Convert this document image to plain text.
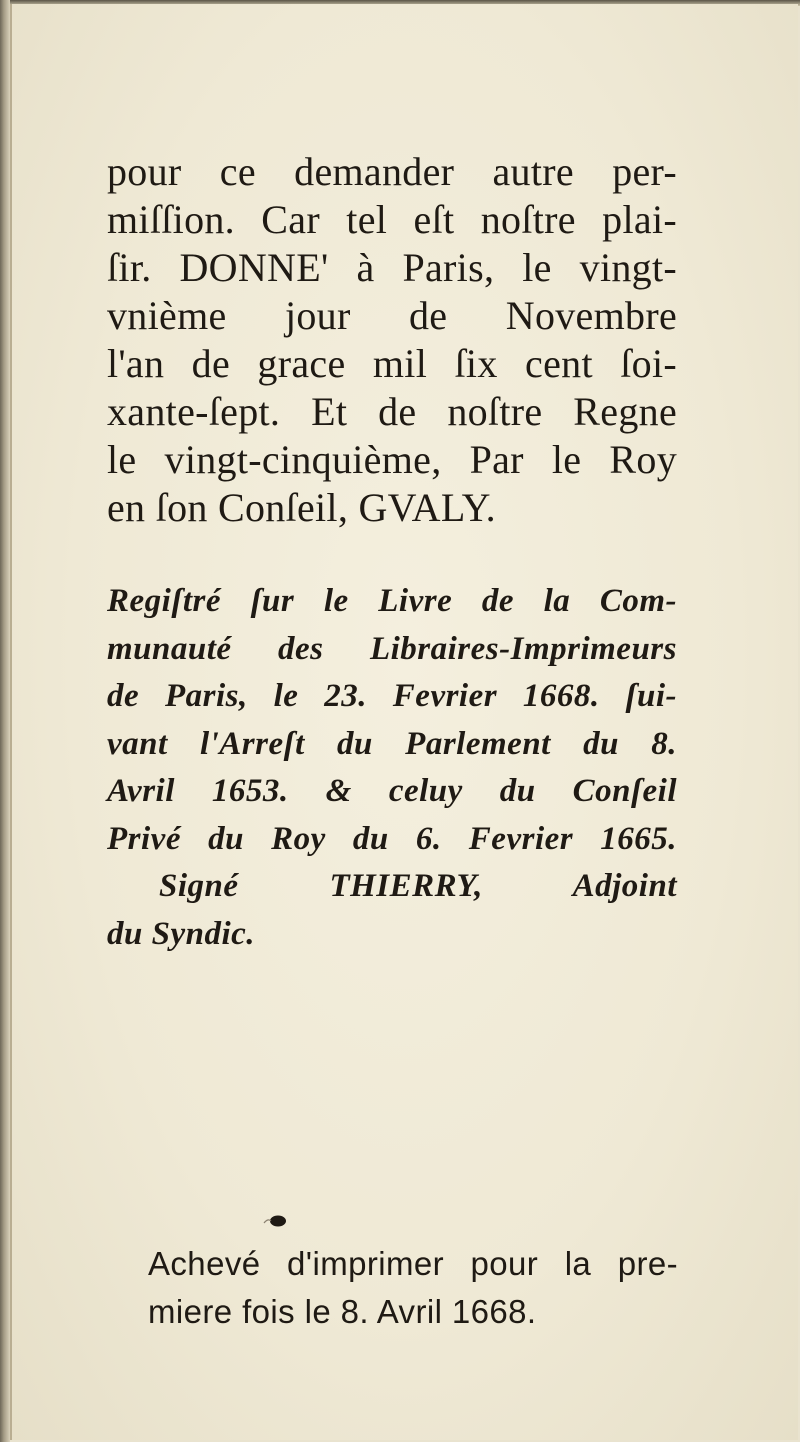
pour ce demander autre per-
miſſion. Car tel eſt noſtre plai-
ſir. DONNE' à Paris, le vingt-
vnième jour de Novembre
l'an de grace mil ſix cent ſoi-
xante-ſept. Et de noſtre Regne
le vingt-cinquième, Par le Roy
en ſon Conſeil, GVALY.
Regiſtré ſur le Livre de la Com-
munauté des Libraires-Imprimeurs
de Paris, le 23. Fevrier 1668. ſui-
vant l'Arreſt du Parlement du 8.
Avril 1653. & celuy du Conſeil
Privé du Roy du 6. Fevrier 1665.
Signé THIERRY, Adjoint
du Syndic.
Achevé d'imprimer pour la pre-
miere fois le 8. Avril 1668.
